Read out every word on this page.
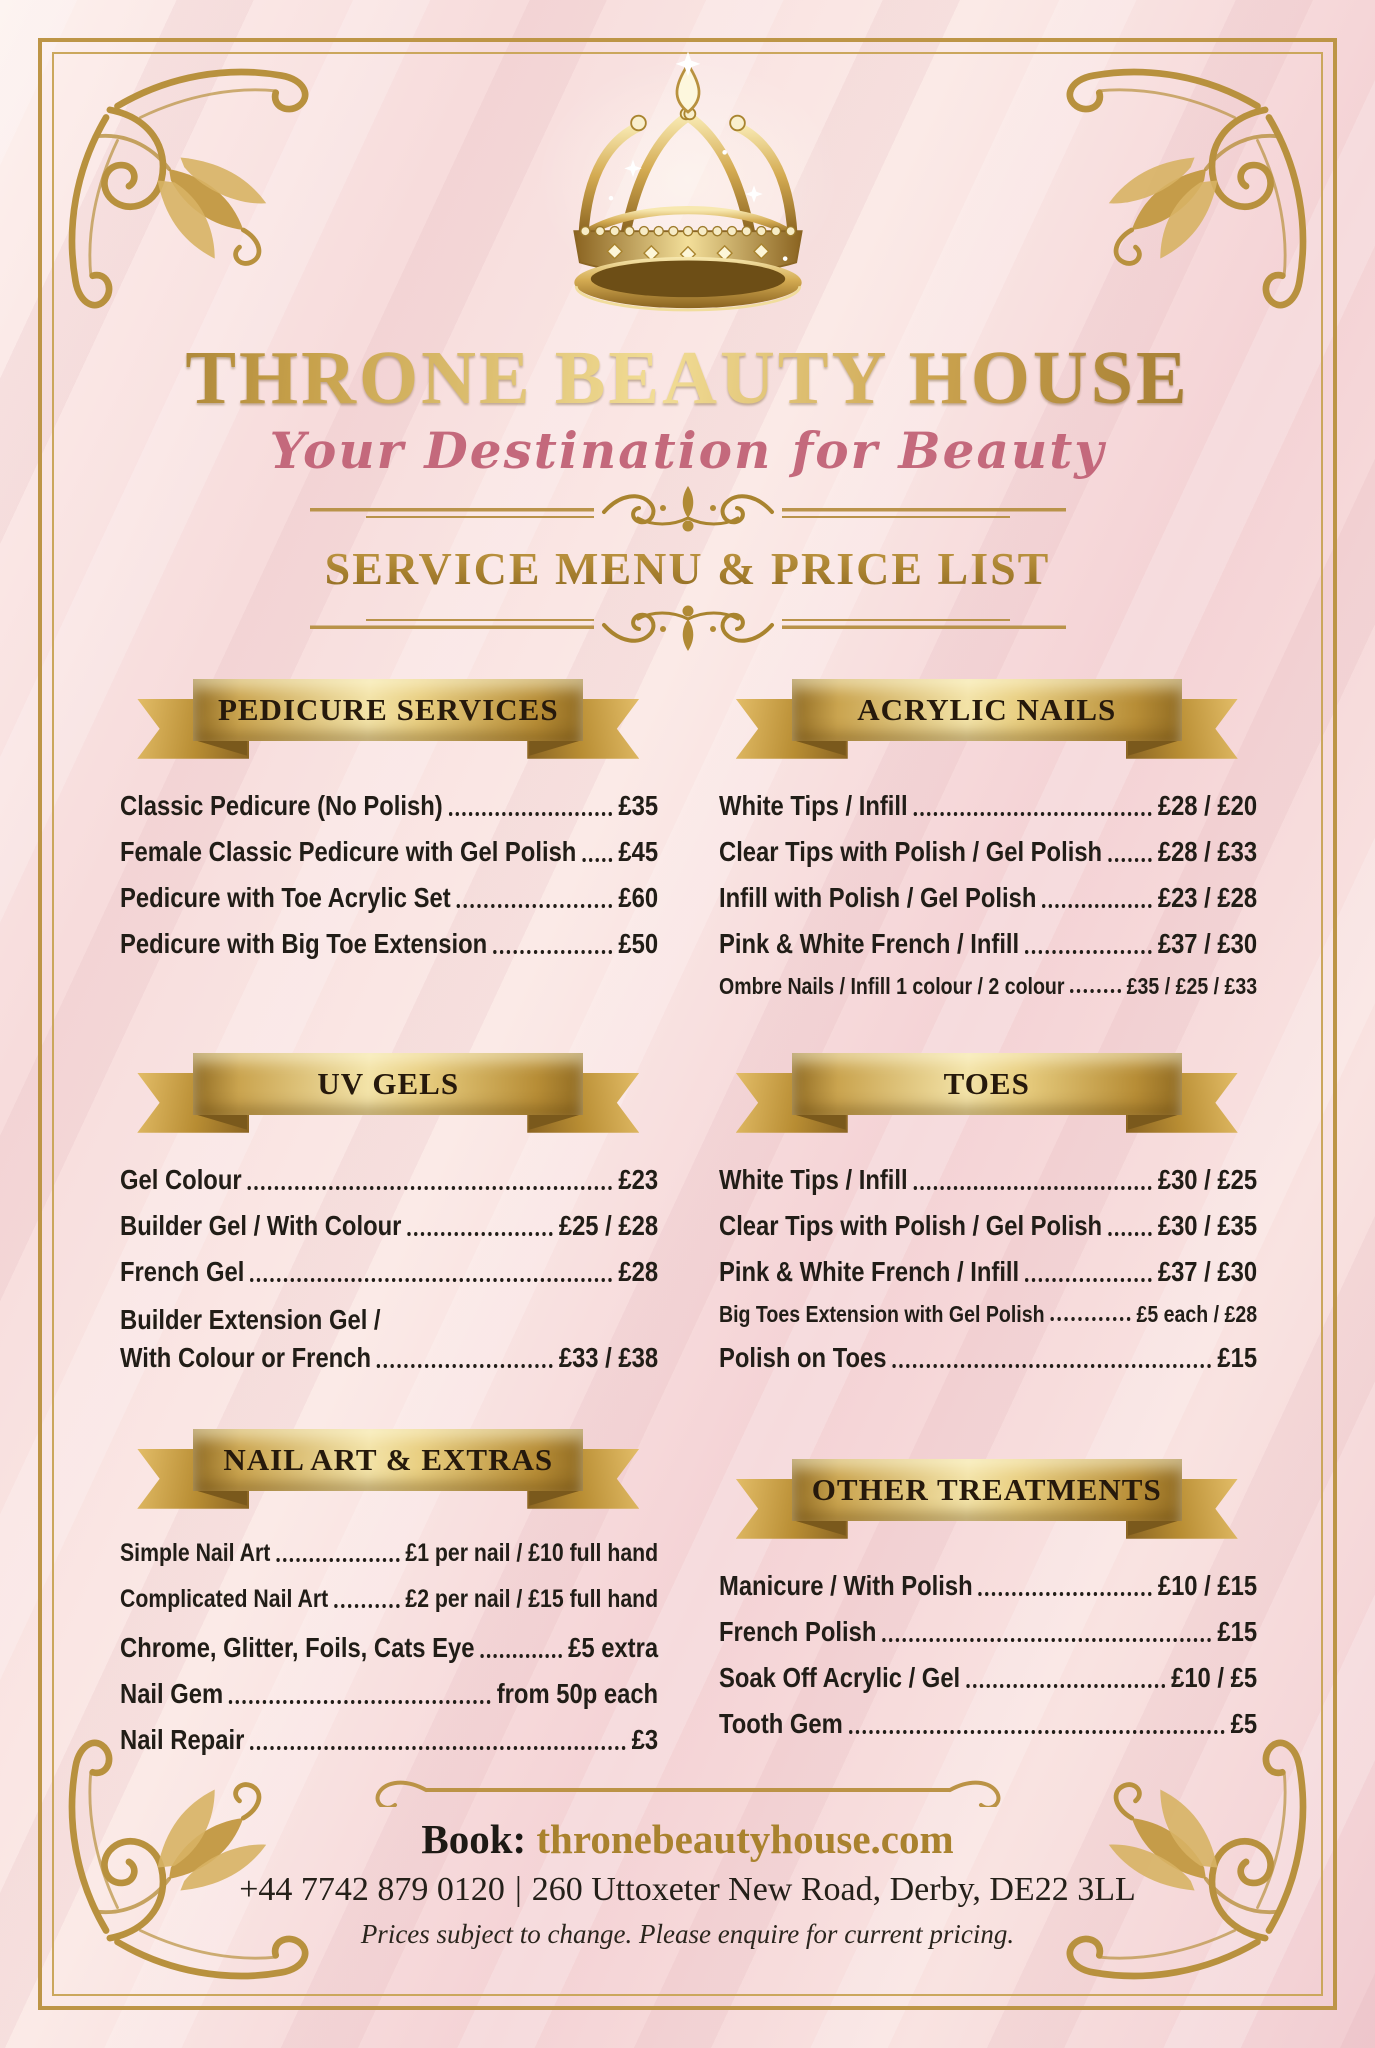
THRONE BEAUTY HOUSE
Your Destination for Beauty
SERVICE MENU & PRICE LIST
PEDICURE SERVICES
Classic Pedicure (No Polish)	£35
Female Classic Pedicure with Gel Polish £45
Pedicure with Toe Acrylic Set	£60
Pedicure with Big Toe Extension	£50
ACRYLIC NAILS
White Tips / Infill	£28 / £20
Clear Tips with Polish / Gel Polish £28 / £33
Infill with Polish / Gel Polish	£23 / £28
Pink & White French / Infill	£37 / £30
Ombre Nails / Infill 1 colour / 2 colour	£35 / £25 / £33
UV GELS
Gel Colour	£23
Builder Gel / With Colour	£25 / £28
French Gel	£28
Builder Extension Gel /
With Colour or French	£33 / £38
TOES
White Tips / Infill	£30 / £25
Clear Tips with Polish / Gel Polish £30 / £35
Pink & White French / Infill	£37 / £30
Big Toes Extension with Gel Polish	£5 each / £28
Polish on Toes	£15
NAIL ART & EXTRAS
Simple Nail Art	£1 per nail / £10 full hand
Complicated Nail Art	£2 per nail / £15 full hand
Chrome, Glitter, Foils, Cats Eye	£5 extra
Nail Gem	from 50p each
Nail Repair	£3
OTHER TREATMENTS
Manicure / With Polish	£10 / £15
French Polish	£15
Soak Off Acrylic / Gel	£10 / £5
Tooth Gem	£5
Book: thronebeautyhouse.com
+44 7742 879 0120 | 260 Uttoxeter New Road, Derby, DE22 3LL
Prices subject to change. Please enquire for current pricing.
